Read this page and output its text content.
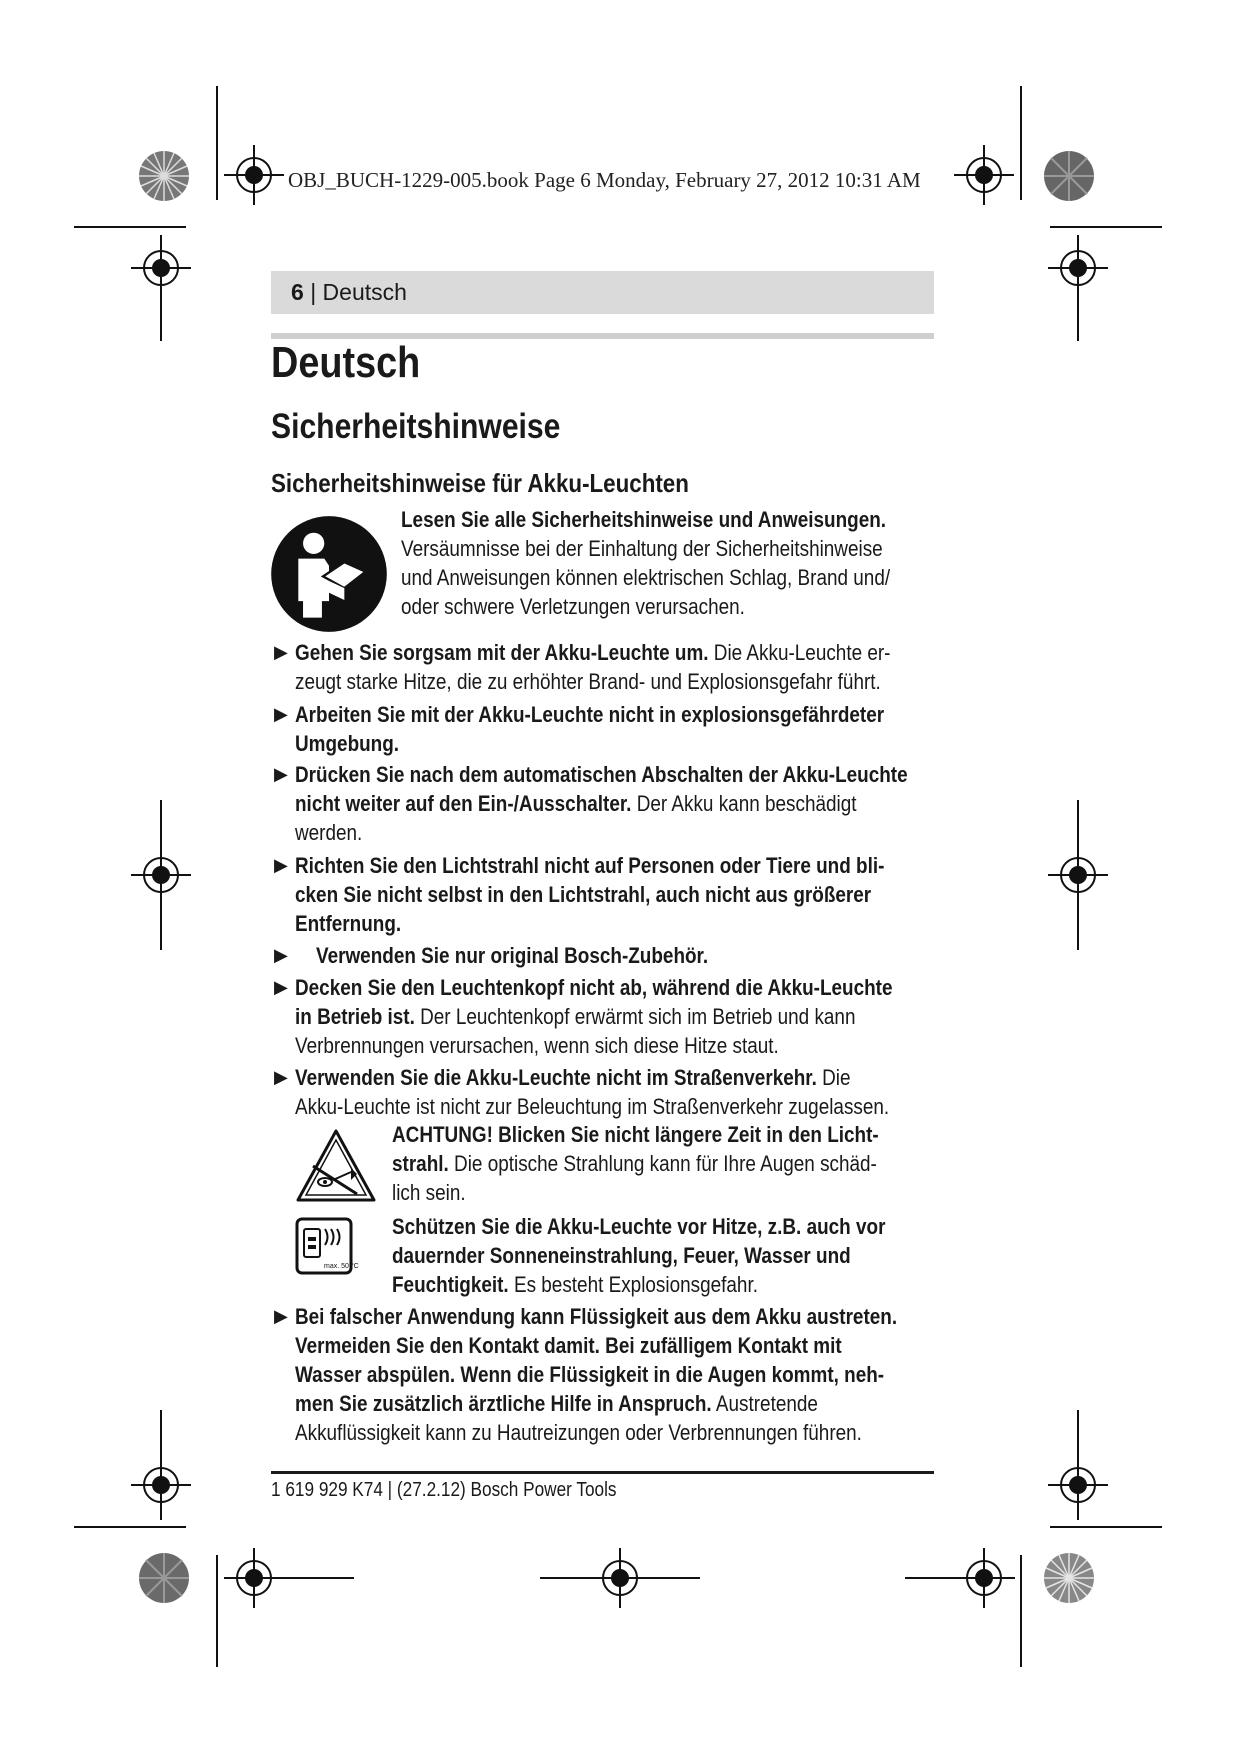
OBJ_BUCH-1229-005.book Page 6 Monday, February 27, 2012 10:31 AM
6 | Deutsch
Deutsch
Sicherheitshinweise
Sicherheitshinweise für Akku-Leuchten
Lesen Sie alle Sicherheitshinweise und Anweisungen.
Versäumnisse bei der Einhaltung der Sicherheitshinweise
und Anweisungen können elektrischen Schlag, Brand und/
oder schwere Verletzungen verursachen.
▶ Gehen Sie sorgsam mit der Akku-Leuchte um. Die Akku-Leuchte er-
zeugt starke Hitze, die zu erhöhter Brand- und Explosionsgefahr führt.
▶ Arbeiten Sie mit der Akku-Leuchte nicht in explosionsgefährdeter
Umgebung.
▶ Drücken Sie nach dem automatischen Abschalten der Akku-Leuchte
nicht weiter auf den Ein-/Ausschalter. Der Akku kann beschädigt
werden.
▶ Richten Sie den Lichtstrahl nicht auf Personen oder Tiere und bli-
cken Sie nicht selbst in den Lichtstrahl, auch nicht aus größerer
Entfernung.
▶ Verwenden Sie nur original Bosch-Zubehör.
▶ Decken Sie den Leuchtenkopf nicht ab, während die Akku-Leuchte
in Betrieb ist. Der Leuchtenkopf erwärmt sich im Betrieb und kann
Verbrennungen verursachen, wenn sich diese Hitze staut.
▶ Verwenden Sie die Akku-Leuchte nicht im Straßenverkehr. Die
Akku-Leuchte ist nicht zur Beleuchtung im Straßenverkehr zugelassen.
ACHTUNG! Blicken Sie nicht längere Zeit in den Licht-
strahl. Die optische Strahlung kann für Ihre Augen schäd-
lich sein.
max. 50 °C
Schützen Sie die Akku-Leuchte vor Hitze, z.B. auch vor
dauernder Sonneneinstrahlung, Feuer, Wasser und
Feuchtigkeit. Es besteht Explosionsgefahr.
▶ Bei falscher Anwendung kann Flüssigkeit aus dem Akku austreten.
Vermeiden Sie den Kontakt damit. Bei zufälligem Kontakt mit
Wasser abspülen. Wenn die Flüssigkeit in die Augen kommt, neh-
men Sie zusätzlich ärztliche Hilfe in Anspruch. Austretende
Akkuflüssigkeit kann zu Hautreizungen oder Verbrennungen führen.
1 619 929 K74 | (27.2.12) Bosch Power Tools
